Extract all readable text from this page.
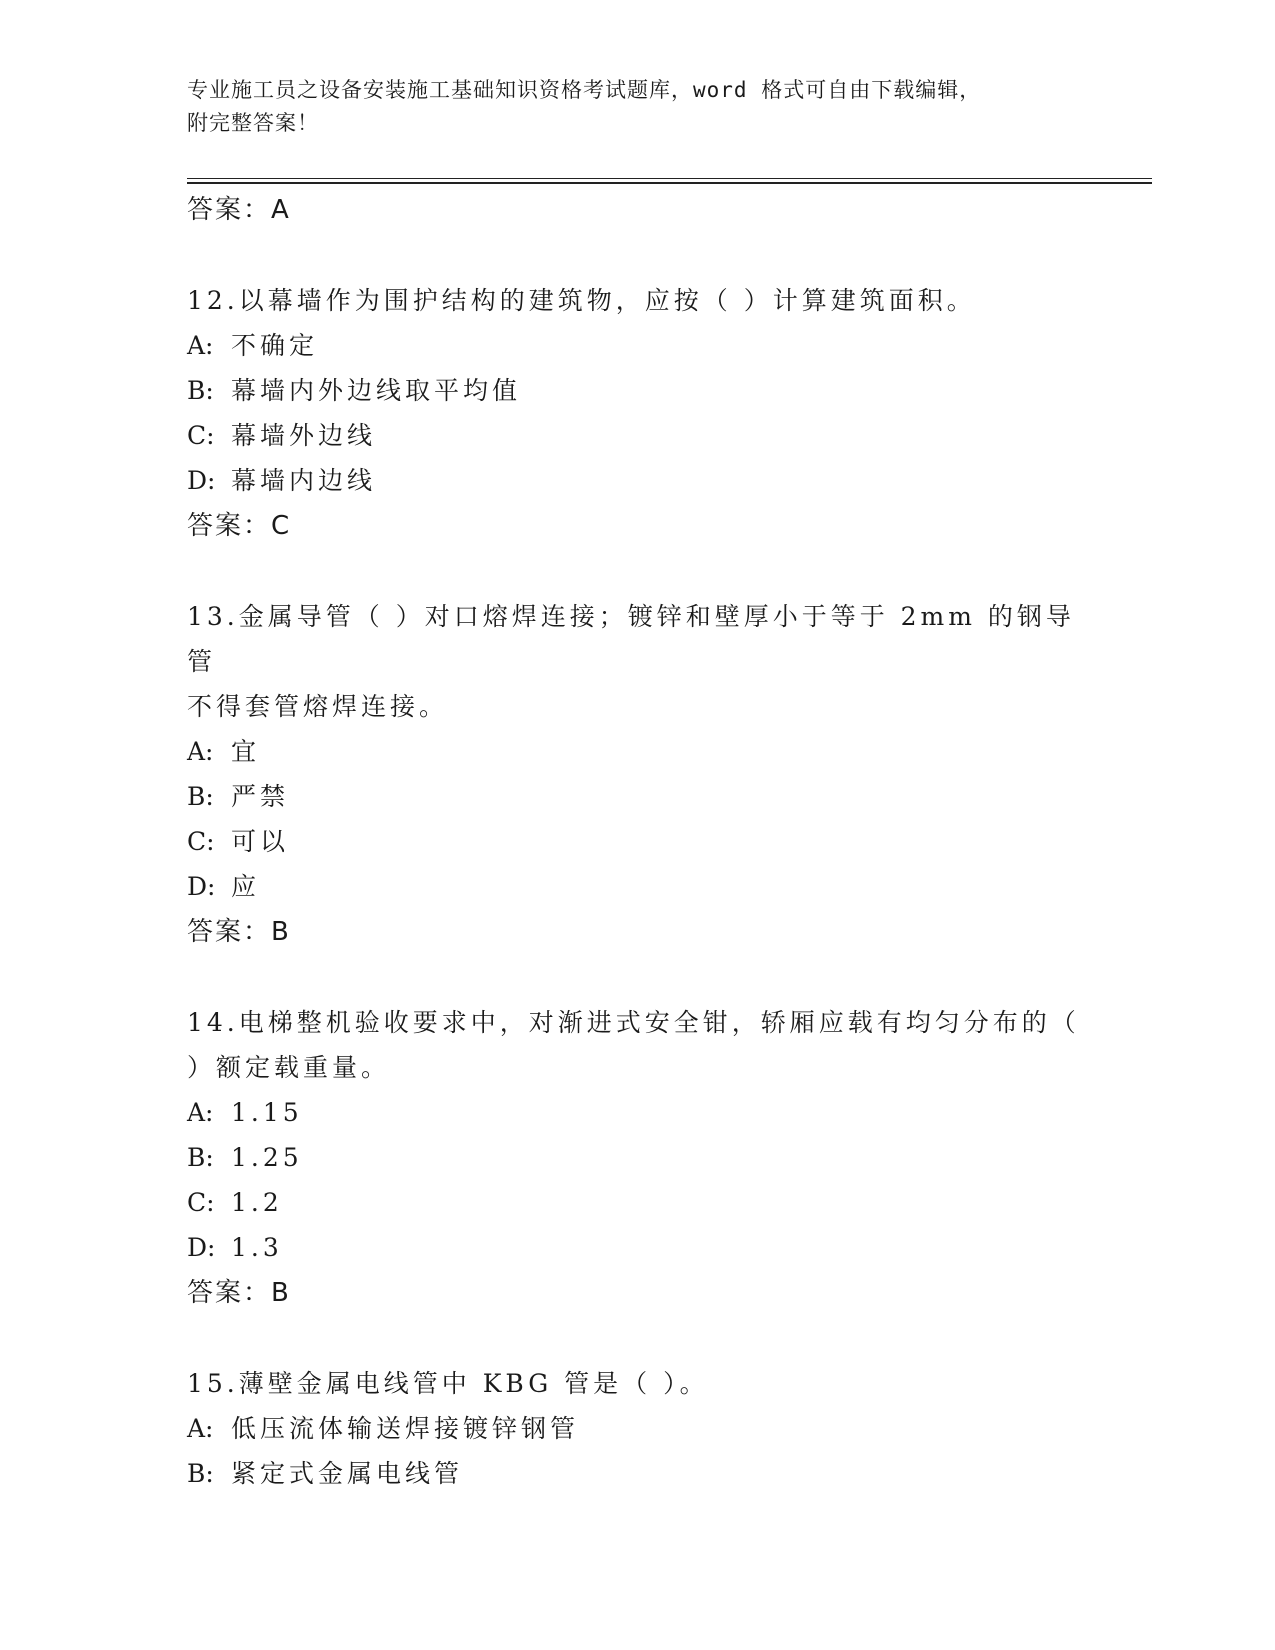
专业施工员之设备安装施工基础知识资格考试题库，word 格式可自由下载编辑，
附完整答案！
答案：A
12.以幕墙作为围护结构的建筑物，应按（ ）计算建筑面积。
A: 不确定
B: 幕墙内外边线取平均值
C: 幕墙外边线
D: 幕墙内边线
答案：C
13.金属导管（ ）对口熔焊连接；镀锌和壁厚小于等于 2mm 的钢导管
不得套管熔焊连接。
A: 宜
B: 严禁
C: 可以
D: 应
答案：B
14.电梯整机验收要求中，对渐进式安全钳，轿厢应载有均匀分布的（
）额定载重量。
A: 1.15
B: 1.25
C: 1.2
D: 1.3
答案：B
15.薄壁金属电线管中 KBG 管是（ ）。
A: 低压流体输送焊接镀锌钢管
B: 紧定式金属电线管
